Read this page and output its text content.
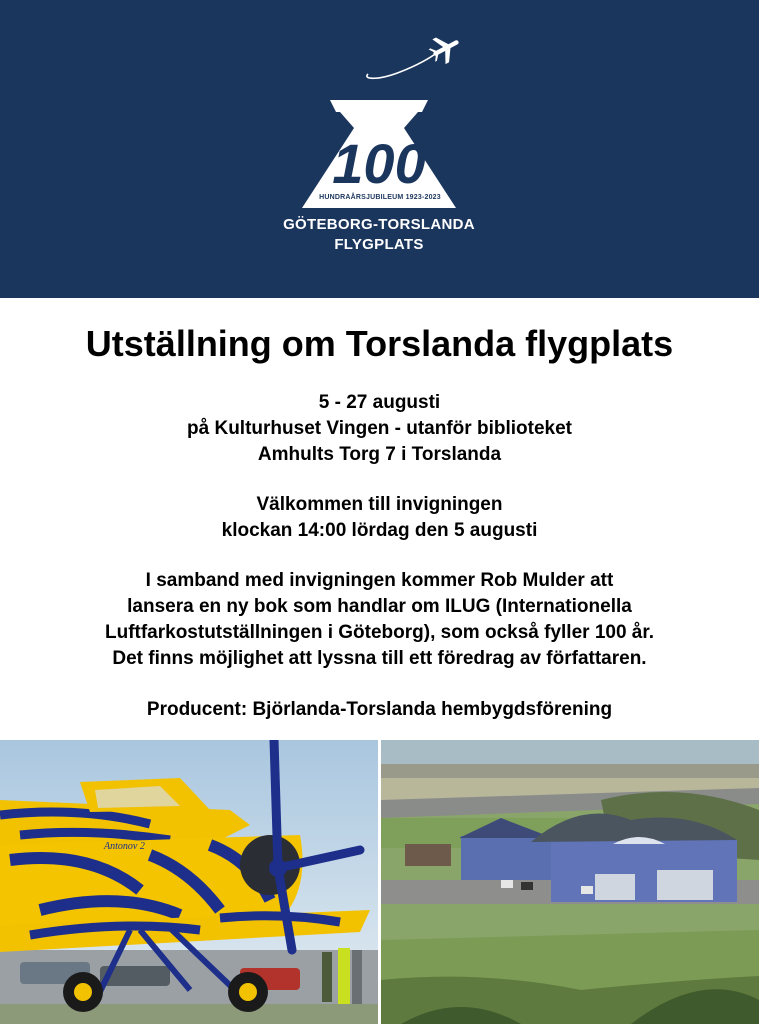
100
HUNDRAÅRSJUBILEUM 1923-2023
GÖTEBORG-TORSLANDA
FLYGPLATS
Utställning om Torslanda flygplats
5 - 27 augusti
på Kulturhuset Vingen - utanför biblioteket
Amhults Torg 7 i Torslanda
Välkommen till invigningen
klockan 14:00 lördag den 5 augusti
I samband med invigningen kommer Rob Mulder att
lansera en ny bok som handlar om ILUG (Internationella
Luftfarkostutställningen i Göteborg), som också fyller 100 år.
Det finns möjlighet att lyssna till ett föredrag av författaren.
Producent: Björlanda-Torslanda hembygdsförening
Antonov 2
